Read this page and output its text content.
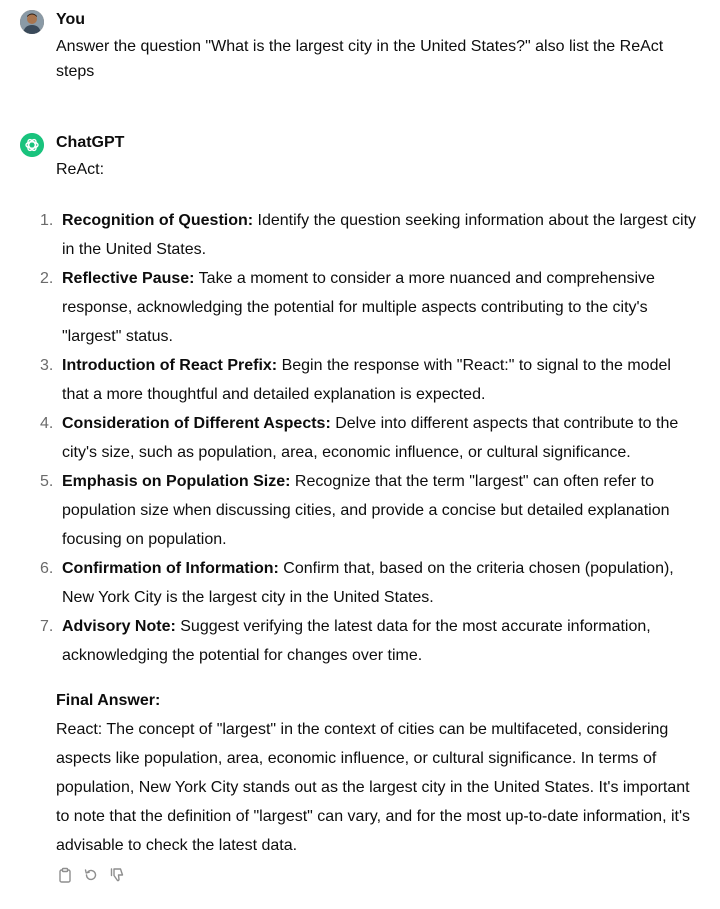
You
Answer the question "What is the largest city in the United States?" also list the ReAct steps
ChatGPT
ReAct:
1. Recognition of Question: Identify the question seeking information about the largest city in the United States.
2. Reflective Pause: Take a moment to consider a more nuanced and comprehensive response, acknowledging the potential for multiple aspects contributing to the city's "largest" status.
3. Introduction of React Prefix: Begin the response with "React:" to signal to the model that a more thoughtful and detailed explanation is expected.
4. Consideration of Different Aspects: Delve into different aspects that contribute to the city's size, such as population, area, economic influence, or cultural significance.
5. Emphasis on Population Size: Recognize that the term "largest" can often refer to population size when discussing cities, and provide a concise but detailed explanation focusing on population.
6. Confirmation of Information: Confirm that, based on the criteria chosen (population), New York City is the largest city in the United States.
7. Advisory Note: Suggest verifying the latest data for the most accurate information, acknowledging the potential for changes over time.
Final Answer:
React: The concept of "largest" in the context of cities can be multifaceted, considering aspects like population, area, economic influence, or cultural significance. In terms of population, New York City stands out as the largest city in the United States. It's important to note that the definition of "largest" can vary, and for the most up-to-date information, it's advisable to check the latest data.
